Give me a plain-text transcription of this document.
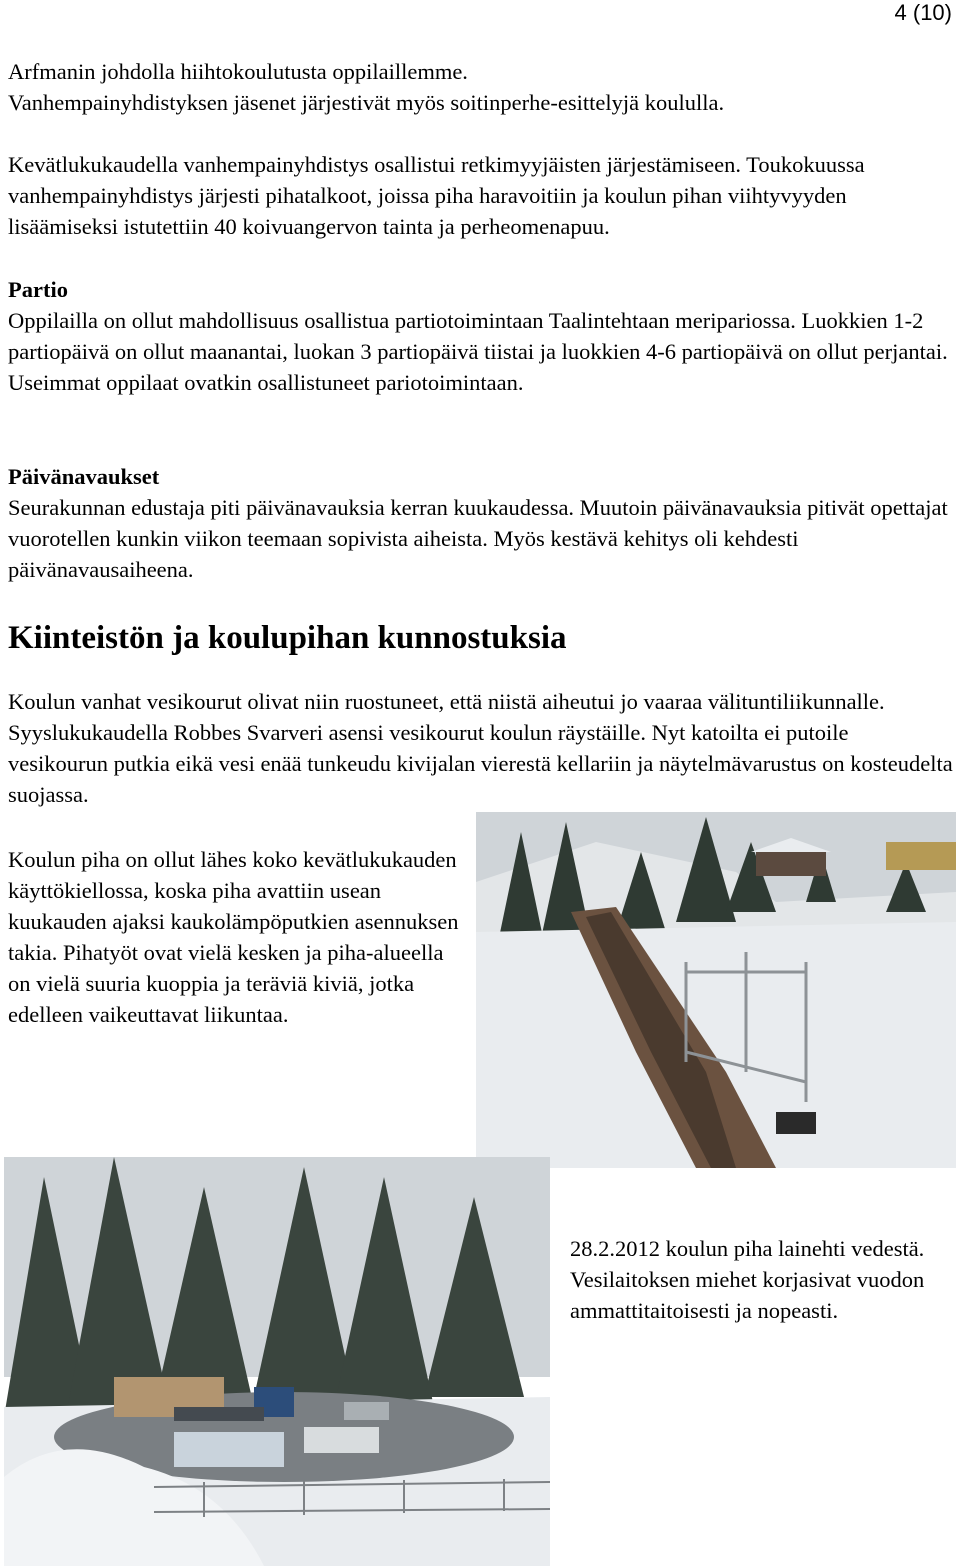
4 (10)

Arfmanin johdolla hiihtokoulutusta oppilaillemme.
Vanhempainyhdistyksen jäsenet järjestivät myös soitinperhe-esittelyjä koululla.

Kevätlukukaudella vanhempainyhdistys osallistui retkimyyjäisten järjestämiseen. Toukokuussa vanhempainyhdistys järjesti pihatalkoot, joissa piha haravoitiin ja koulun pihan viihtyvyyden lisäämiseksi istutettiin 40 koivuangervon tainta ja perheomenapuu.

Partio

Oppilailla on ollut mahdollisuus osallistua partiotoimintaan Taalintehtaan meripariossa. Luokkien 1-2 partiopäivä on ollut maanantai, luokan 3 partiopäivä tiistai ja luokkien 4-6 partiopäivä on ollut perjantai. Useimmat oppilaat ovatkin osallistuneet pariotoimintaan.

Päivänavaukset

Seurakunnan edustaja piti päivänavauksia kerran kuukaudessa. Muutoin päivänavauksia pitivät opettajat vuorotellen kunkin viikon teemaan sopivista aiheista. Myös kestävä kehitys oli kehdesti päivänavausaiheena.

Kiinteistön ja koulupihan kunnostuksia

Koulun vanhat vesikourut olivat niin ruostuneet, että niistä aiheutui jo vaaraa välituntiliikunnalle. Syyslukukaudella Robbes Svarveri asensi vesikourut koulun räystäille. Nyt katoilta ei putoile vesikourun putkia eikä vesi enää tunkeudu kivijalan vierestä kellariin ja näytelmävarustus on kosteudelta suojassa.

Koulun piha on ollut lähes koko kevätlukukauden käyttökiellossa, koska piha avattiin usean kuukauden ajaksi kaukolämpöputkien asennuksen takia. Pihatyöt ovat vielä kesken ja piha-alueella on vielä suuria kuoppia ja teräviä kiviä, jotka edelleen vaikeuttavat liikuntaa.

28.2.2012 koulun piha lainehti vedestä. Vesilaitoksen miehet korjasivat vuodon ammattitaitoisesti ja nopeasti.
